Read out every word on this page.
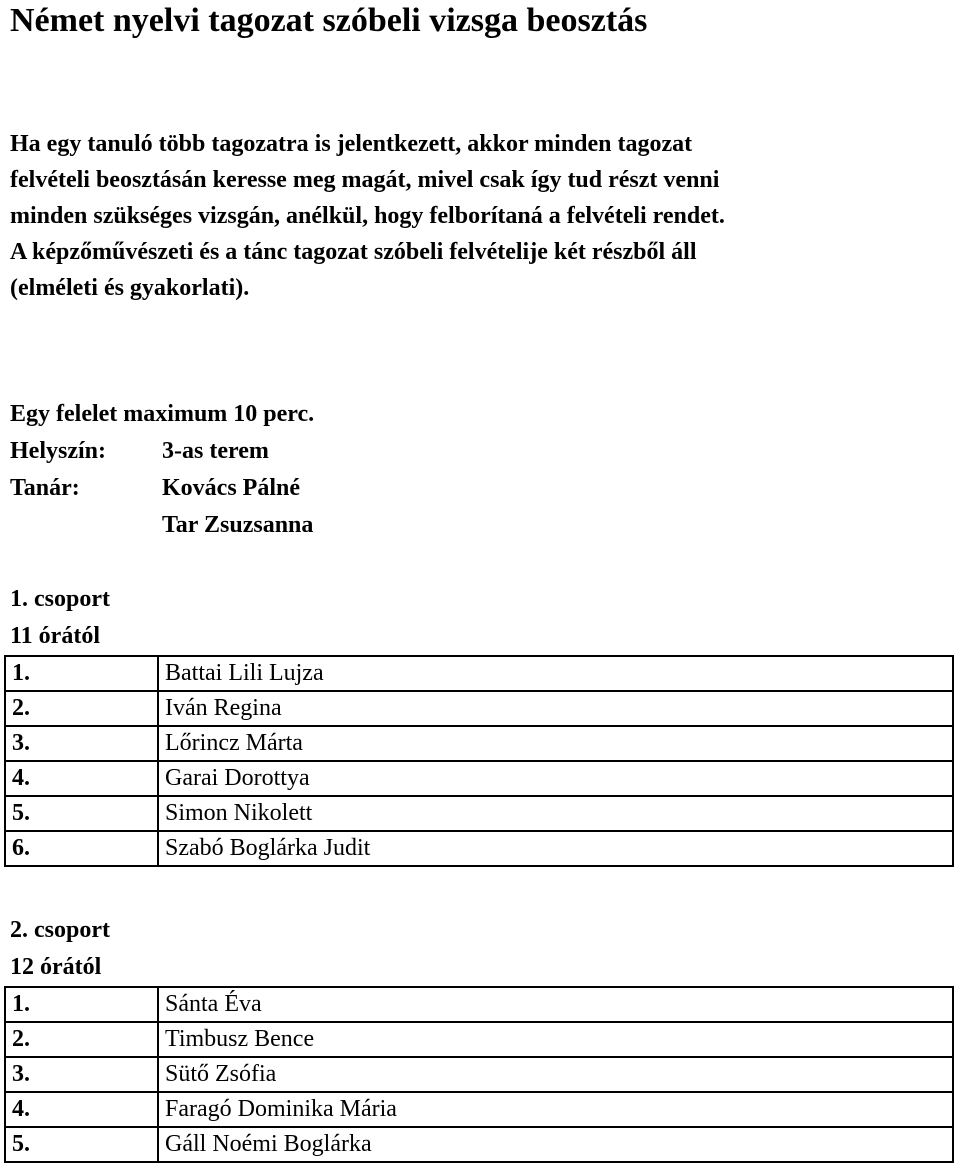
Német nyelvi tagozat szóbeli vizsga beosztás

Ha egy tanuló több tagozatra is jelentkezett, akkor minden tagozat

felvételi beosztásán keresse meg magát, mivel csak így tud részt venni

minden szükséges vizsgán, anélkül, hogy felborítaná a felvételi rendet.

A képzőművészeti és a tánc tagozat szóbeli felvételije két részből áll

(elméleti és gyakorlati).

Egy felelet maximum 10 perc.
Helyszín: 3-as terem
Tanár:	Kovács Pálné
Tar Zsuzsanna
1. csoport
11 órától
1.	Battai Lili Lujza
2.	Iván Regina
3.	Lőrincz Márta
4.	Garai Dorottya
5.	Simon Nikolett
6.	Szabó Boglárka Judit
2. csoport
12 órától
1.	Sánta Éva
2.	Timbusz Bence
3.	Sütő Zsófia
4.	Faragó Dominika Mária
5.	Gáll Noémi Boglárka
